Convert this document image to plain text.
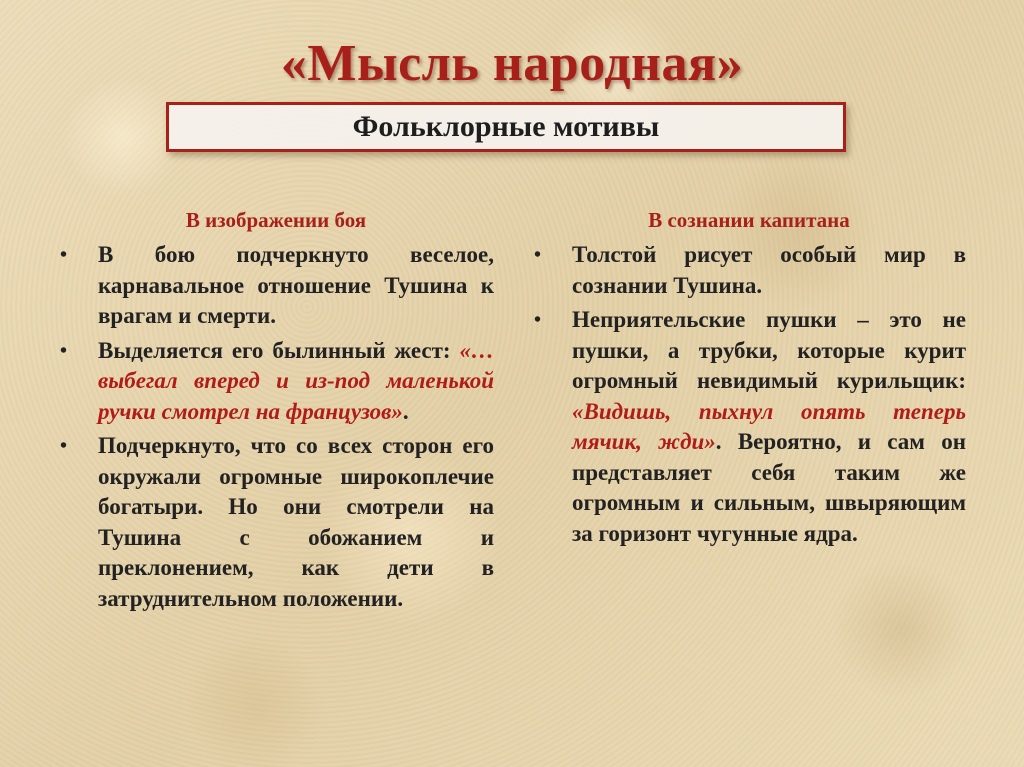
«Мысль народная»
Фольклорные мотивы
В изображении боя
• В бою подчеркнуто веселое, карнавальное отношение Тушина к врагам и смерти.
• Выделяется его былинный жест: «…выбегал вперед и из-под маленькой ручки смотрел на французов».
• Подчеркнуто, что со всех сторон его окружали огромные широкоплечие богатыри. Но они смотрели на Тушина с обожанием и преклонением, как дети в затруднительном положении.
В сознании капитана
• Толстой рисует особый мир в сознании Тушина.
• Неприятельские пушки – это не пушки, а трубки, которые курит огромный невидимый курильщик: «Видишь, пыхнул опять теперь мячик, жди». Вероятно, и сам он представляет себя таким же огромным и сильным, швыряющим за горизонт чугунные ядра.
